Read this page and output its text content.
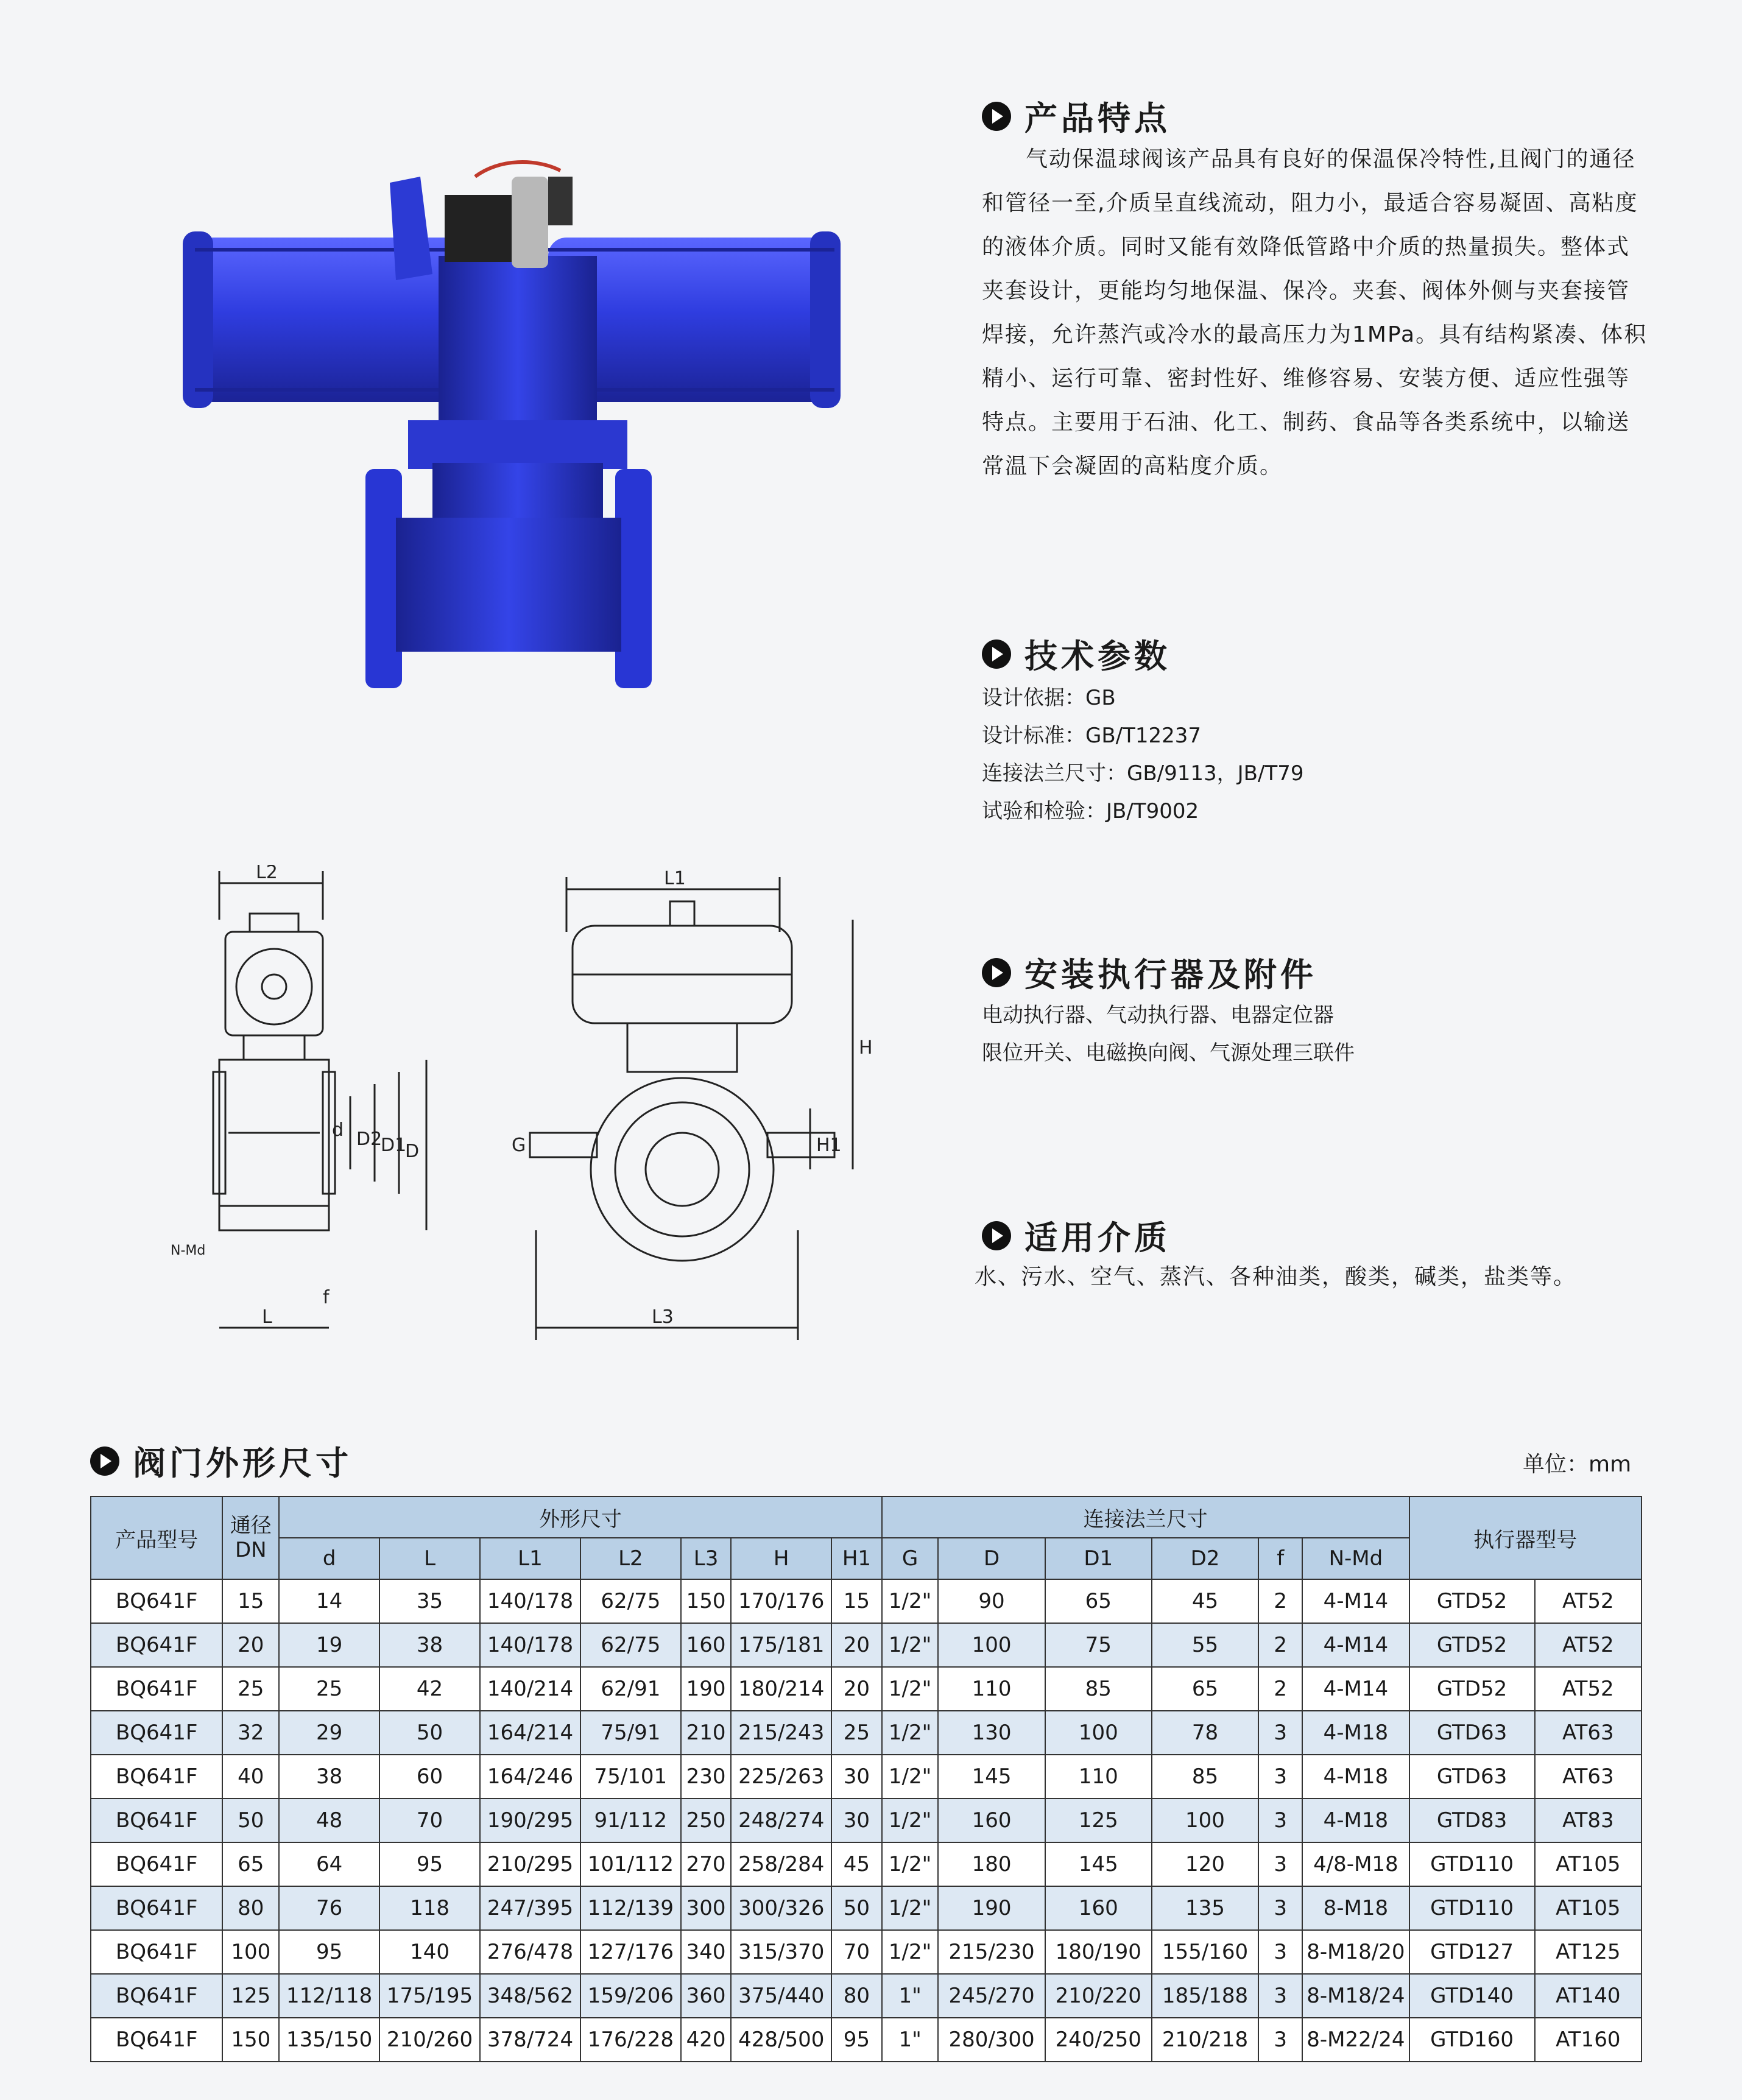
产品特点
气动保温球阀该产品具有良好的保温保冷特性,且阀门的通径和管径一至,介质呈直线流动，阻力小，最适合容易凝固、高粘度的液体介质。同时又能有效降低管路中介质的热量损失。整体式夹套设计，更能均匀地保温、保冷。夹套、阀体外侧与夹套接管焊接，允许蒸汽或冷水的最高压力为1MPa。具有结构紧凑、体积精小、运行可靠、密封性好、维修容易、安装方便、适应性强等特点。主要用于石油、化工、制药、食品等各类系统中，以输送常温下会凝固的高粘度介质。
技术参数
设计依据：GB
设计标准：GB/T12237
连接法兰尺寸：GB/9113，JB/T79
试验和检验：JB/T9002
安装执行器及附件
电动执行器、气动执行器、电器定位器
限位开关、电磁换向阀、气源处理三联件
适用介质
水、污水、空气、蒸汽、各种油类，酸类，碱类，盐类等。
L2
L
d D2
D1
D
N-Md
f
L1
H
G	H1
L3
阀门外形尺寸	单位：mm
产品型号	通径DN	外形尺寸							连接法兰尺寸						执行器型号	
		d	L	L1	L2	L3	H	H1	G	D	D1	D2	f	N-Md		
BQ641F	15	14	35	140/178	62/75	150	170/176	15	1/2"	90	65	45	2	4-M14	GTD52	AT52
BQ641F	20	19	38	140/178	62/75	160	175/181	20	1/2"	100	75	55	2	4-M14	GTD52	AT52
BQ641F	25	25	42	140/214	62/91	190	180/214	20	1/2"	110	85	65	2	4-M14	GTD52	AT52
BQ641F	32	29	50	164/214	75/91	210	215/243	25	1/2"	130	100	78	3	4-M18	GTD63	AT63
BQ641F	40	38	60	164/246	75/101	230	225/263	30	1/2"	145	110	85	3	4-M18	GTD63	AT63
BQ641F	50	48	70	190/295	91/112	250	248/274	30	1/2"	160	125	100	3	4-M18	GTD83	AT83
BQ641F	65	64	95	210/295	101/112	270	258/284	45	1/2"	180	145	120	3	4/8-M18	GTD110	AT105
BQ641F	80	76	118	247/395	112/139	300	300/326	50	1/2"	190	160	135	3	8-M18	GTD110	AT105
BQ641F	100	95	140	276/478	127/176	340	315/370	70	1/2"	215/230	180/190	155/160	3	8-M18/20	GTD127	AT125
BQ641F	125	112/118	175/195	348/562	159/206	360	375/440	80	1"	245/270	210/220	185/188	3	8-M18/24	GTD140	AT140
BQ641F	150	135/150	210/260	378/724	176/228	420	428/500	95	1"	280/300	240/250	210/218	3	8-M22/24	GTD160	AT160
